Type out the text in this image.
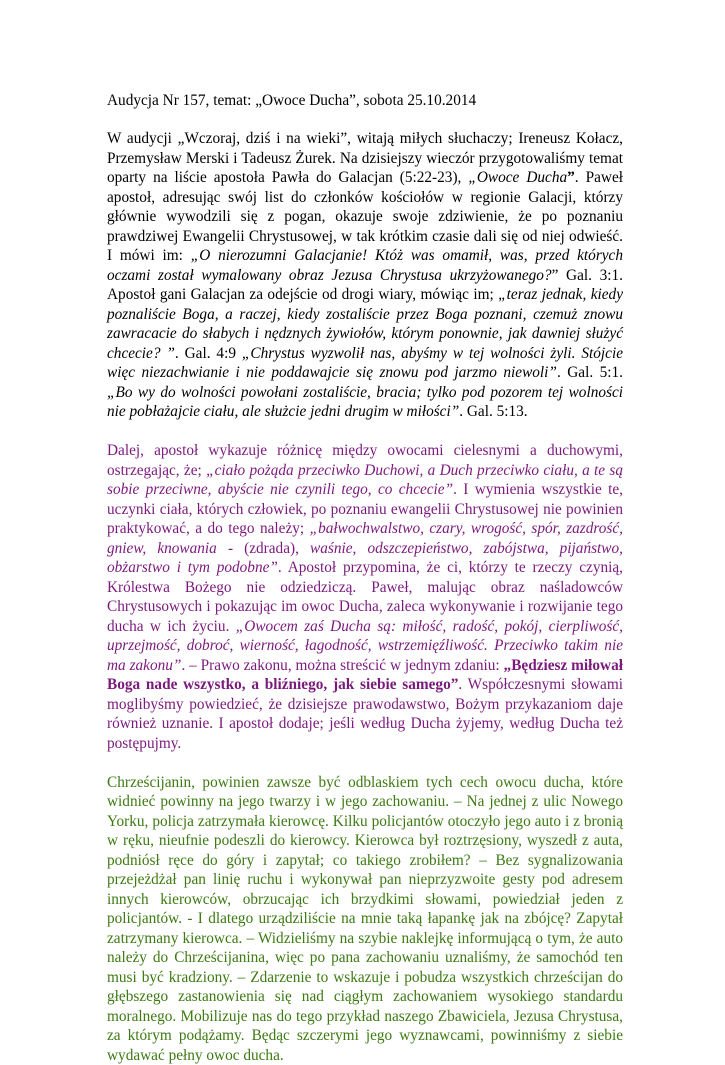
Audycja Nr 157, temat: „Owoce Ducha”, sobota 25.10.2014

W audycji „Wczoraj, dziś i na wieki”, witają miłych słuchaczy; Ireneusz Kołacz, Przemysław Merski i Tadeusz Żurek. Na dzisiejszy wieczór przygotowaliśmy temat oparty na liście apostoła Pawła do Galacjan (5:22-23), „Owoce Ducha”. Paweł apostoł, adresując swój list do członków kościołów w regionie Galacji, którzy głównie wywodzili się z pogan, okazuje swoje zdziwienie, że po poznaniu prawdziwej Ewangelii Chrystusowej, w tak krótkim czasie dali się od niej odwieść. I mówi im: „O nierozumni Galacjanie! Któż was omamił, was, przed których oczami został wymalowany obraz Jezusa Chrystusa ukrzyżowanego?” Gal. 3:1. Apostoł gani Galacjan za odejście od drogi wiary, mówiąc im; „teraz jednak, kiedy poznaliście Boga, a raczej, kiedy zostaliście przez Boga poznani, czemuż znowu zawracacie do słabych i nędznych żywiołów, którym ponownie, jak dawniej służyć chcecie? ”. Gal. 4:9 „Chrystus wyzwolił nas, abyśmy w tej wolności żyli. Stójcie więc niezachwianie i nie poddawajcie się znowu pod jarzmo niewoli”. Gal. 5:1. „Bo wy do wolności powołani zostaliście, bracia; tylko pod pozorem tej wolności nie pobłażajcie ciału, ale służcie jedni drugim w miłości”. Gal. 5:13.

Dalej, apostoł wykazuje różnicę między owocami cielesnymi a duchowymi, ostrzegając, że; „ciało pożąda przeciwko Duchowi, a Duch przeciwko ciału, a te są sobie przeciwne, abyście nie czynili tego, co chcecie”. I wymienia wszystkie te, uczynki ciała, których człowiek, po poznaniu ewangelii Chrystusowej nie powinien praktykować, a do tego należy; „bałwochwalstwo, czary, wrogość, spór, zazdrość, gniew, knowania - (zdrada), waśnie, odszczepieństwo, zabójstwa, pijaństwo, obżarstwo i tym podobne”. Apostoł przypomina, że ci, którzy te rzeczy czynią, Królestwa Bożego nie odziedziczą. Paweł, malując obraz naśladowców Chrystusowych i pokazując im owoc Ducha, zaleca wykonywanie i rozwijanie tego ducha w ich życiu. „Owocem zaś Ducha są: miłość, radość, pokój, cierpliwość, uprzejmość, dobroć, wierność, łagodność, wstrzemięźliwość. Przeciwko takim nie ma zakonu”. – Prawo zakonu, można streścić w jednym zdaniu: „Będziesz miłował Boga nade wszystko, a bliźniego, jak siebie samego”. Współczesnymi słowami moglibyśmy powiedzieć, że dzisiejsze prawodawstwo, Bożym przykazaniom daje również uznanie. I apostoł dodaje; jeśli według Ducha żyjemy, według Ducha też postępujmy.

Chrześcijanin, powinien zawsze być odblaskiem tych cech owocu ducha, które widnieć powinny na jego twarzy i w jego zachowaniu. – Na jednej z ulic Nowego Yorku, policja zatrzymała kierowcę. Kilku policjantów otoczyło jego auto i z bronią w ręku, nieufnie podeszli do kierowcy. Kierowca był roztrzęsiony, wyszedł z auta, podniósł ręce do góry i zapytał; co takiego zrobiłem? – Bez sygnalizowania przejeżdżał pan linię ruchu i wykonywał pan nieprzyzwoite gesty pod adresem innych kierowców, obrzucając ich brzydkimi słowami, powiedział jeden z policjantów. - I dlatego urządziliście na mnie taką łapankę jak na zbójcę? Zapytał zatrzymany kierowca. – Widzieliśmy na szybie naklejkę informującą o tym, że auto należy do Chrześcijanina, więc po pana zachowaniu uznaliśmy, że samochód ten musi być kradziony. – Zdarzenie to wskazuje i pobudza wszystkich chrześcijan do głębszego zastanowienia się nad ciągłym zachowaniem wysokiego standardu moralnego. Mobilizuje nas do tego przykład naszego Zbawiciela, Jezusa Chrystusa, za którym podążamy. Będąc szczerymi jego wyznawcami, powinniśmy z siebie wydawać pełny owoc ducha.
